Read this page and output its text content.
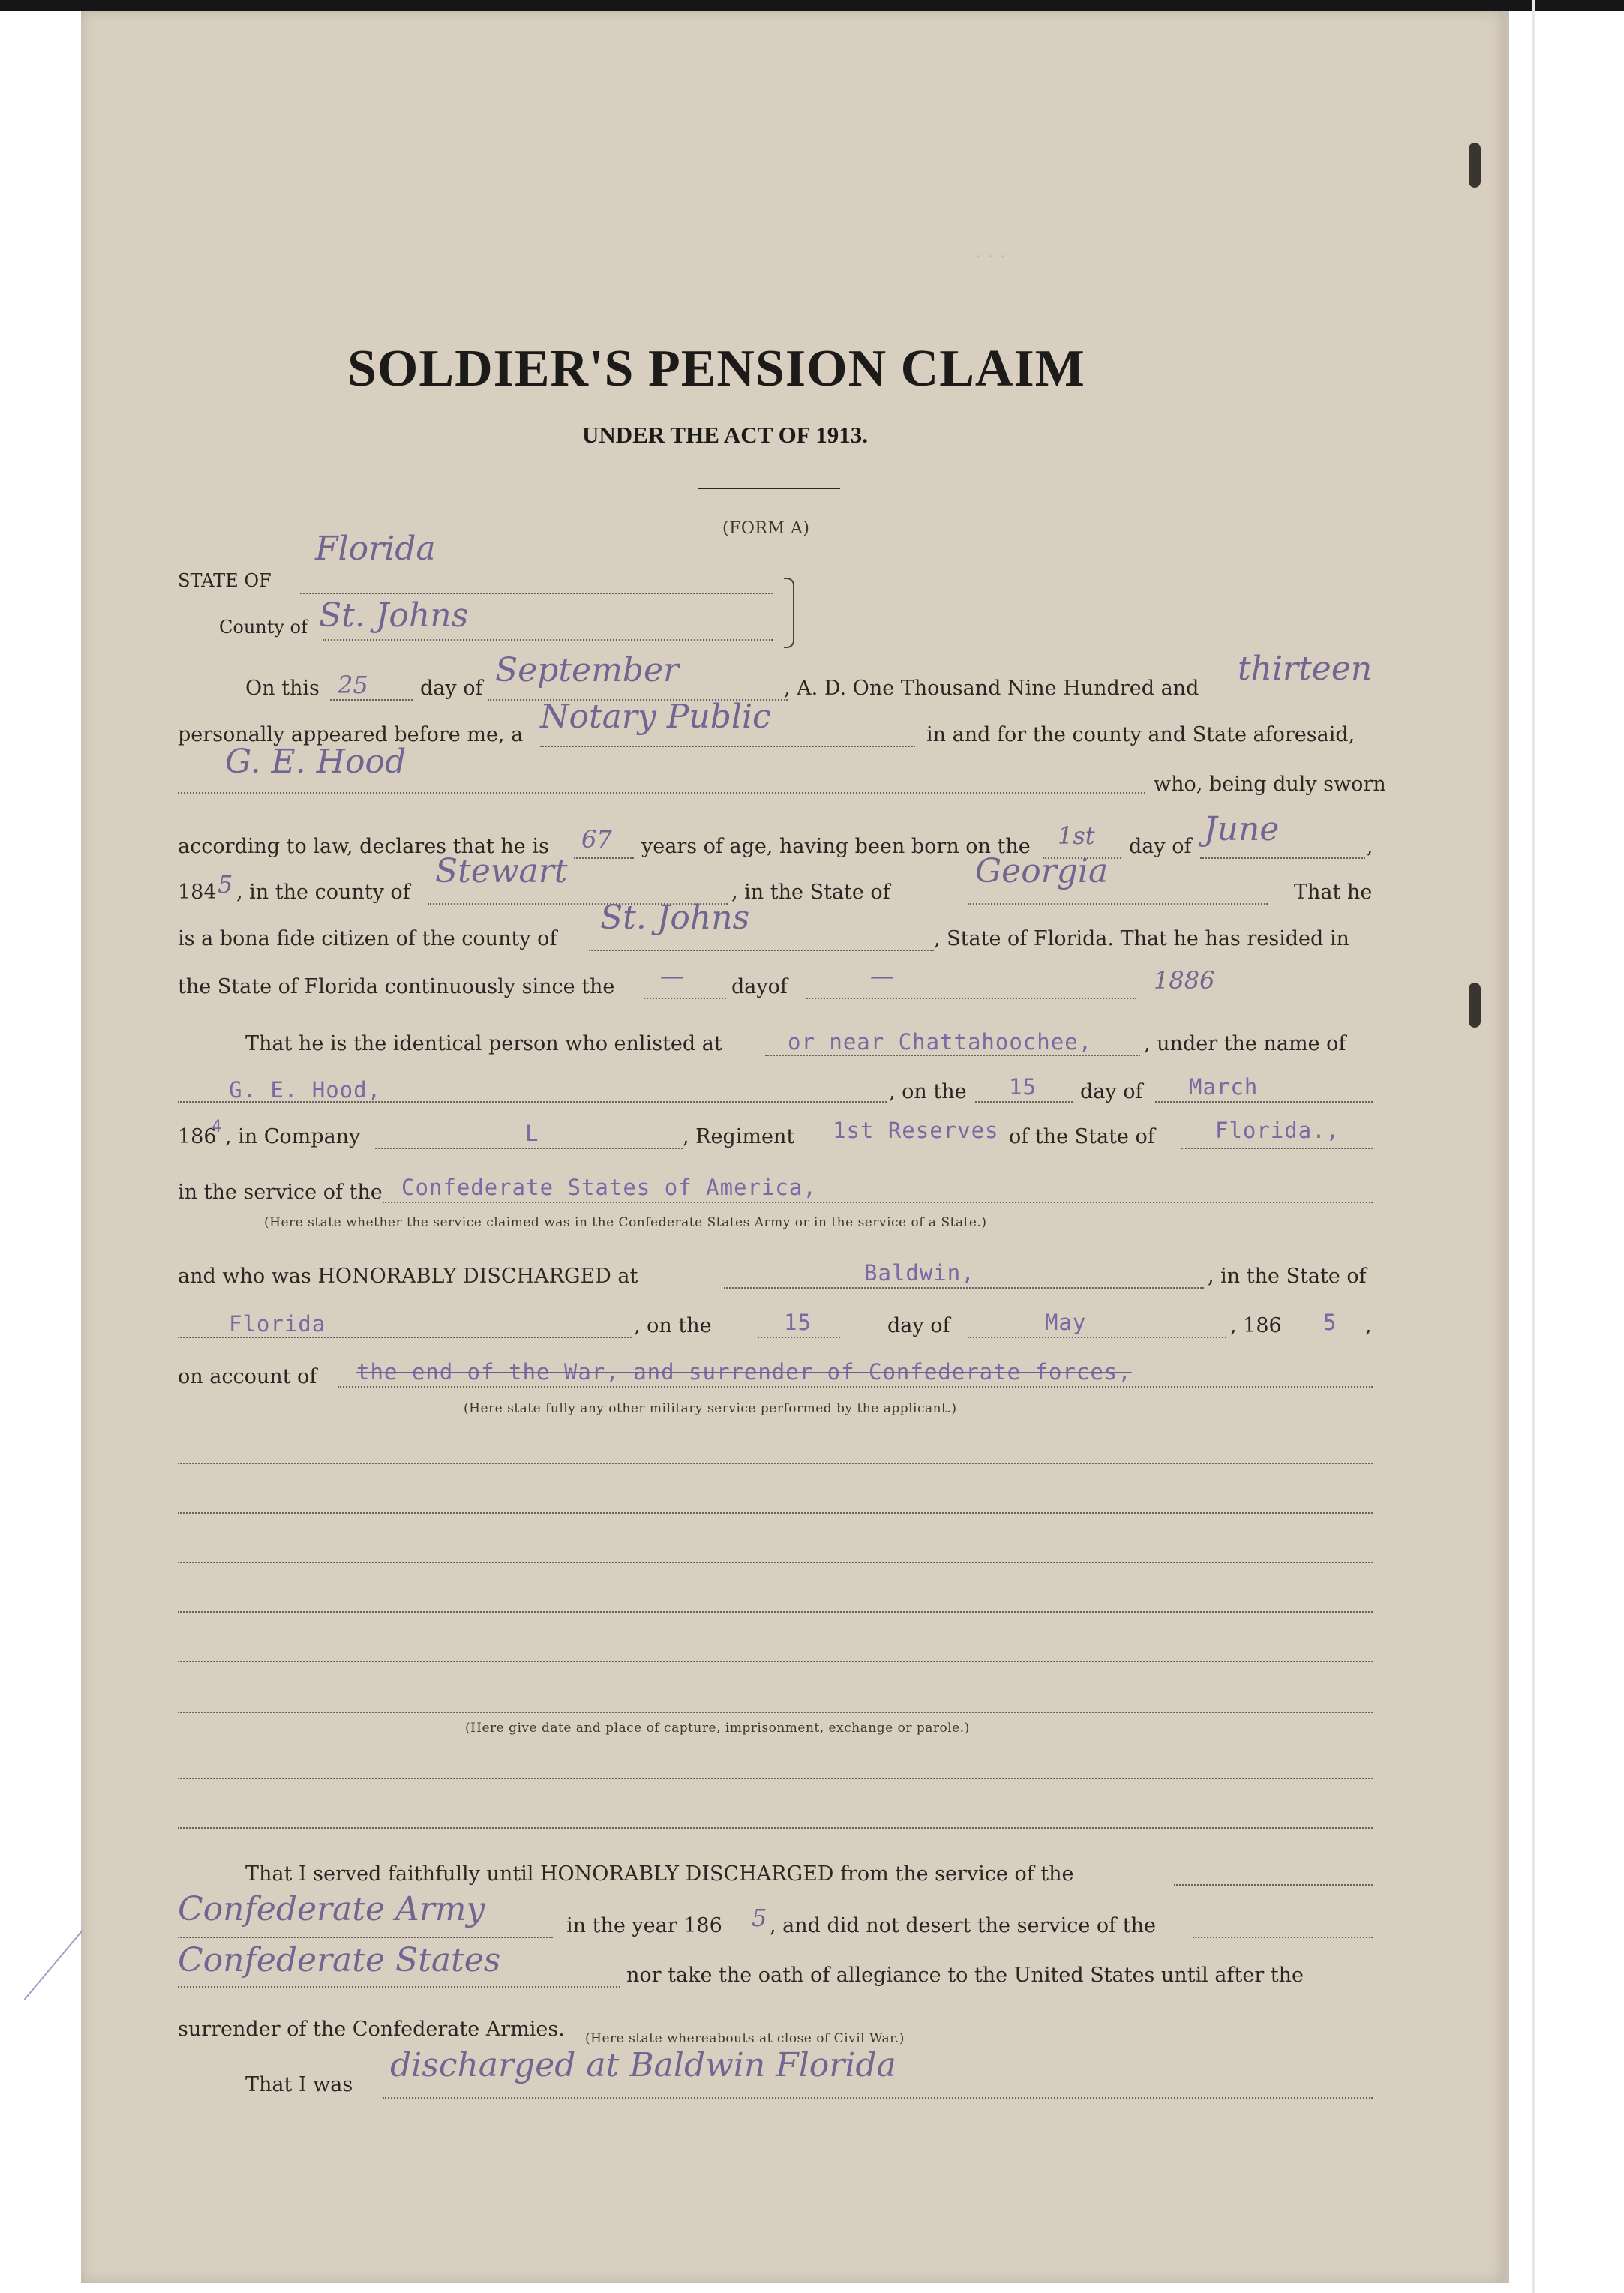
. . .
SOLDIER'S PENSION CLAIM
UNDER THE ACT OF 1913.
(FORM A)
STATE OF
Florida
County of St. Johns
On this 25	day of September	, A. D. One Thousand Nine Hundred and
thirteen
personally appeared before me, a Notary Public	in and for the county and State aforesaid,
G. E. Hood
who, being duly sworn
according to law, declares that he is 67 years of age, having been born on the 1st day of June	,
184 5 , in the county of
Stewart
, in the State of
Georgia
That he
is a bona fide citizen of the county of
St. Johns
, State of Florida. That he has resided in
the State of Florida continuously since the — dayof	—	1886
That he is the identical person who enlisted at	or near Chattahoochee,	, under the name of
G. E. Hood,	, on the 15 day of March
186
4 , in Company	L	, Regiment 1st Reserves of the State of	Florida.,
in the service of the Confederate States of America,
(Here state whether the service claimed was in the Confederate States Army or in the service of a State.)
and who was HONORABLY DISCHARGED at	Baldwin,	, in the State of
Florida	, on the	15	day of	May	, 186 5 ,
on account of the end of the War, and surrender of Confederate forces,
(Here state fully any other military service performed by the applicant.)
(Here give date and place of capture, imprisonment, exchange or parole.)
That I served faithfully until HONORABLY DISCHARGED from the service of the
Confederate Army	in the year 186 5 , and did not desert the service of the
Confederate States	nor take the oath of allegiance to the United States until after the
surrender of the Confederate Armies. (Here state whereabouts at close of Civil War.)
That I was
discharged at Baldwin Florida
